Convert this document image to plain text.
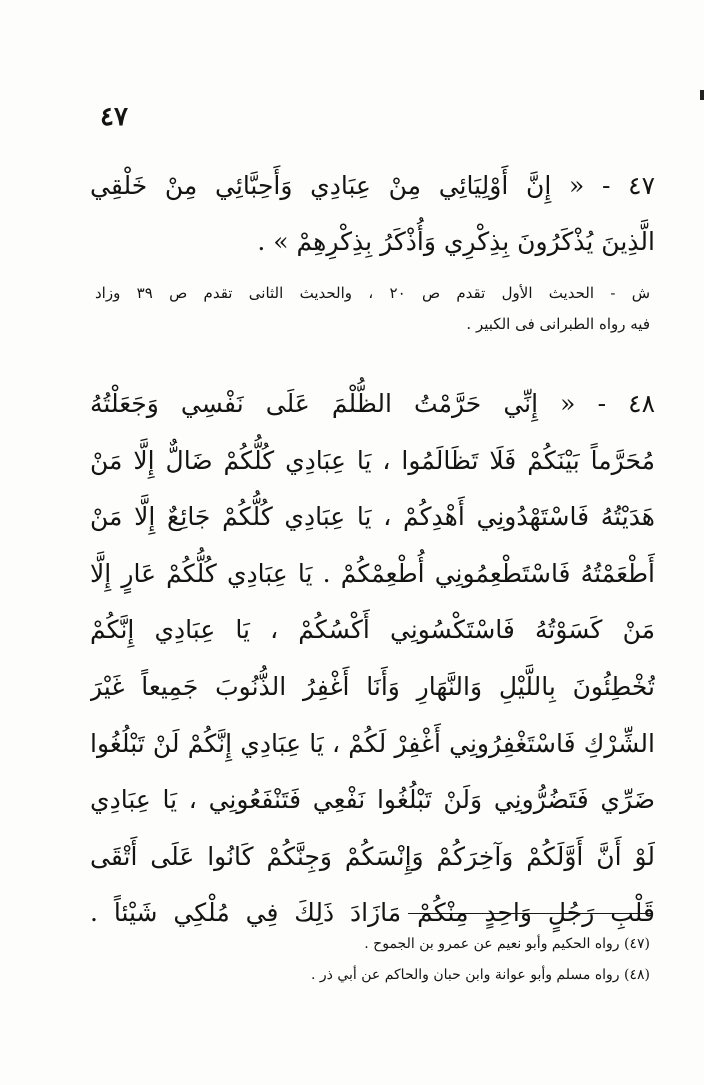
٤٧
٤٧ - « إِنَّ أَوْلِيَائِي مِنْ عِبَادِي وَأَحِبَّائِي مِنْ خَلْقِي
الَّذِينَ يُذْكَرُونَ بِذِكْرِي وَأُذْكَرُ بِذِكْرِهِمْ » .
ش - الحديث الأول تقدم ص ٢٠ ، والحديث الثانى تقدم ص ٣٩ وزاد
فيه رواه الطبرانى فى الكبير .
٤٨ - « إِنِّي حَرَّمْتُ الظُّلْمَ عَلَى نَفْسِي وَجَعَلْتُهُ
مُحَرَّماً بَيْنَكُمْ فَلَا تَظَالَمُوا ، يَا عِبَادِي كُلُّكُمْ ضَالٌّ إِلَّا مَنْ
هَدَيْتُهُ فَاسْتَهْدُونِي أَهْدِكُمْ ، يَا عِبَادِي كُلُّكُمْ جَائِعٌ إِلَّا مَنْ
أَطْعَمْتُهُ فَاسْتَطْعِمُونِي أُطْعِمْكُمْ . يَا عِبَادِي كُلُّكُمْ عَارٍ إِلَّا
مَنْ كَسَوْتُهُ فَاسْتَكْسُونِي أَكْسُكُمْ ، يَا عِبَادِي إِنَّكُمْ
تُخْطِئُونَ بِاللَّيْلِ وَالنَّهَارِ وَأَنَا أَغْفِرُ الذُّنُوبَ جَمِيعاً غَيْرَ
الشِّرْكِ فَاسْتَغْفِرُونِي أَغْفِرْ لَكُمْ ، يَا عِبَادِي إِنَّكُمْ لَنْ تَبْلُغُوا
ضَرِّي فَتَضُرُّونِي وَلَنْ تَبْلُغُوا نَفْعِي فَتَنْفَعُونِي ، يَا عِبَادِي
لَوْ أَنَّ أَوَّلَكُمْ وَآخِرَكُمْ وَإِنْسَكُمْ وَجِنَّكُمْ كَانُوا عَلَى أَتْقَى
قَلْبِ رَجُلٍ وَاحِدٍ مِنْكُمْ مَازَادَ ذَلِكَ فِي مُلْكِي شَيْئاً .
(٤٧) رواه الحكيم وأبو نعيم عن عمرو بن الجموح .
(٤٨) رواه مسلم وأبو عوانة وابن حبان والحاكم عن أبي ذر .
